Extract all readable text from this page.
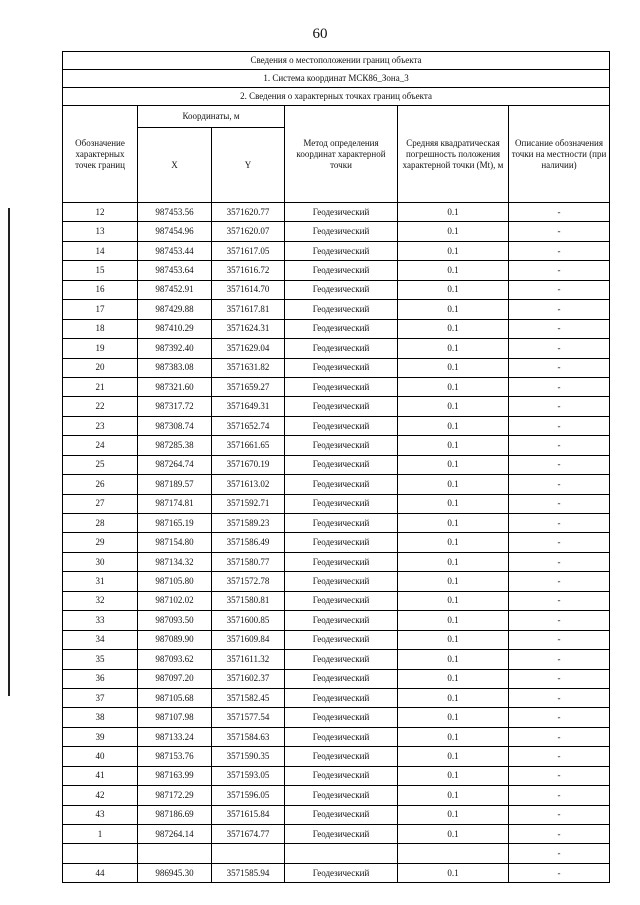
60
Сведения о местоположении границ объекта					
1. Система координат МСК86_Зона_3					
2. Сведения о характерных точках границ объекта					
Обозначение характерных точек границ	Координаты, м		Метод определения координат характерной точки	Средняя квадратическая погрешность положения характерной точки (Mt), м	Описание обозначения точки на местности (при наличии)
	X	Y			
12	987453.56	3571620.77	Геодезический	0.1	-
13	987454.96	3571620.07	Геодезический	0.1	-
14	987453.44	3571617.05	Геодезический	0.1	-
15	987453.64	3571616.72	Геодезический	0.1	-
16	987452.91	3571614.70	Геодезический	0.1	-
17	987429.88	3571617.81	Геодезический	0.1	-
18	987410.29	3571624.31	Геодезический	0.1	-
19	987392.40	3571629.04	Геодезический	0.1	-
20	987383.08	3571631.82	Геодезический	0.1	-
21	987321.60	3571659.27	Геодезический	0.1	-
22	987317.72	3571649.31	Геодезический	0.1	-
23	987308.74	3571652.74	Геодезический	0.1	-
24	987285.38	3571661.65	Геодезический	0.1	-
25	987264.74	3571670.19	Геодезический	0.1	-
26	987189.57	3571613.02	Геодезический	0.1	-
27	987174.81	3571592.71	Геодезический	0.1	-
28	987165.19	3571589.23	Геодезический	0.1	-
29	987154.80	3571586.49	Геодезический	0.1	-
30	987134.32	3571580.77	Геодезический	0.1	-
31	987105.80	3571572.78	Геодезический	0.1	-
32	987102.02	3571580.81	Геодезический	0.1	-
33	987093.50	3571600.85	Геодезический	0.1	-
34	987089.90	3571609.84	Геодезический	0.1	-
35	987093.62	3571611.32	Геодезический	0.1	-
36	987097.20	3571602.37	Геодезический	0.1	-
37	987105.68	3571582.45	Геодезический	0.1	-
38	987107.98	3571577.54	Геодезический	0.1	-
39	987133.24	3571584.63	Геодезический	0.1	-
40	987153.76	3571590.35	Геодезический	0.1	-
41	987163.99	3571593.05	Геодезический	0.1	-
42	987172.29	3571596.05	Геодезический	0.1	-
43	987186.69	3571615.84	Геодезический	0.1	-
1	987264.14	3571674.77	Геодезический	0.1	-
					-
44	986945.30	3571585.94	Геодезический	0.1	-
